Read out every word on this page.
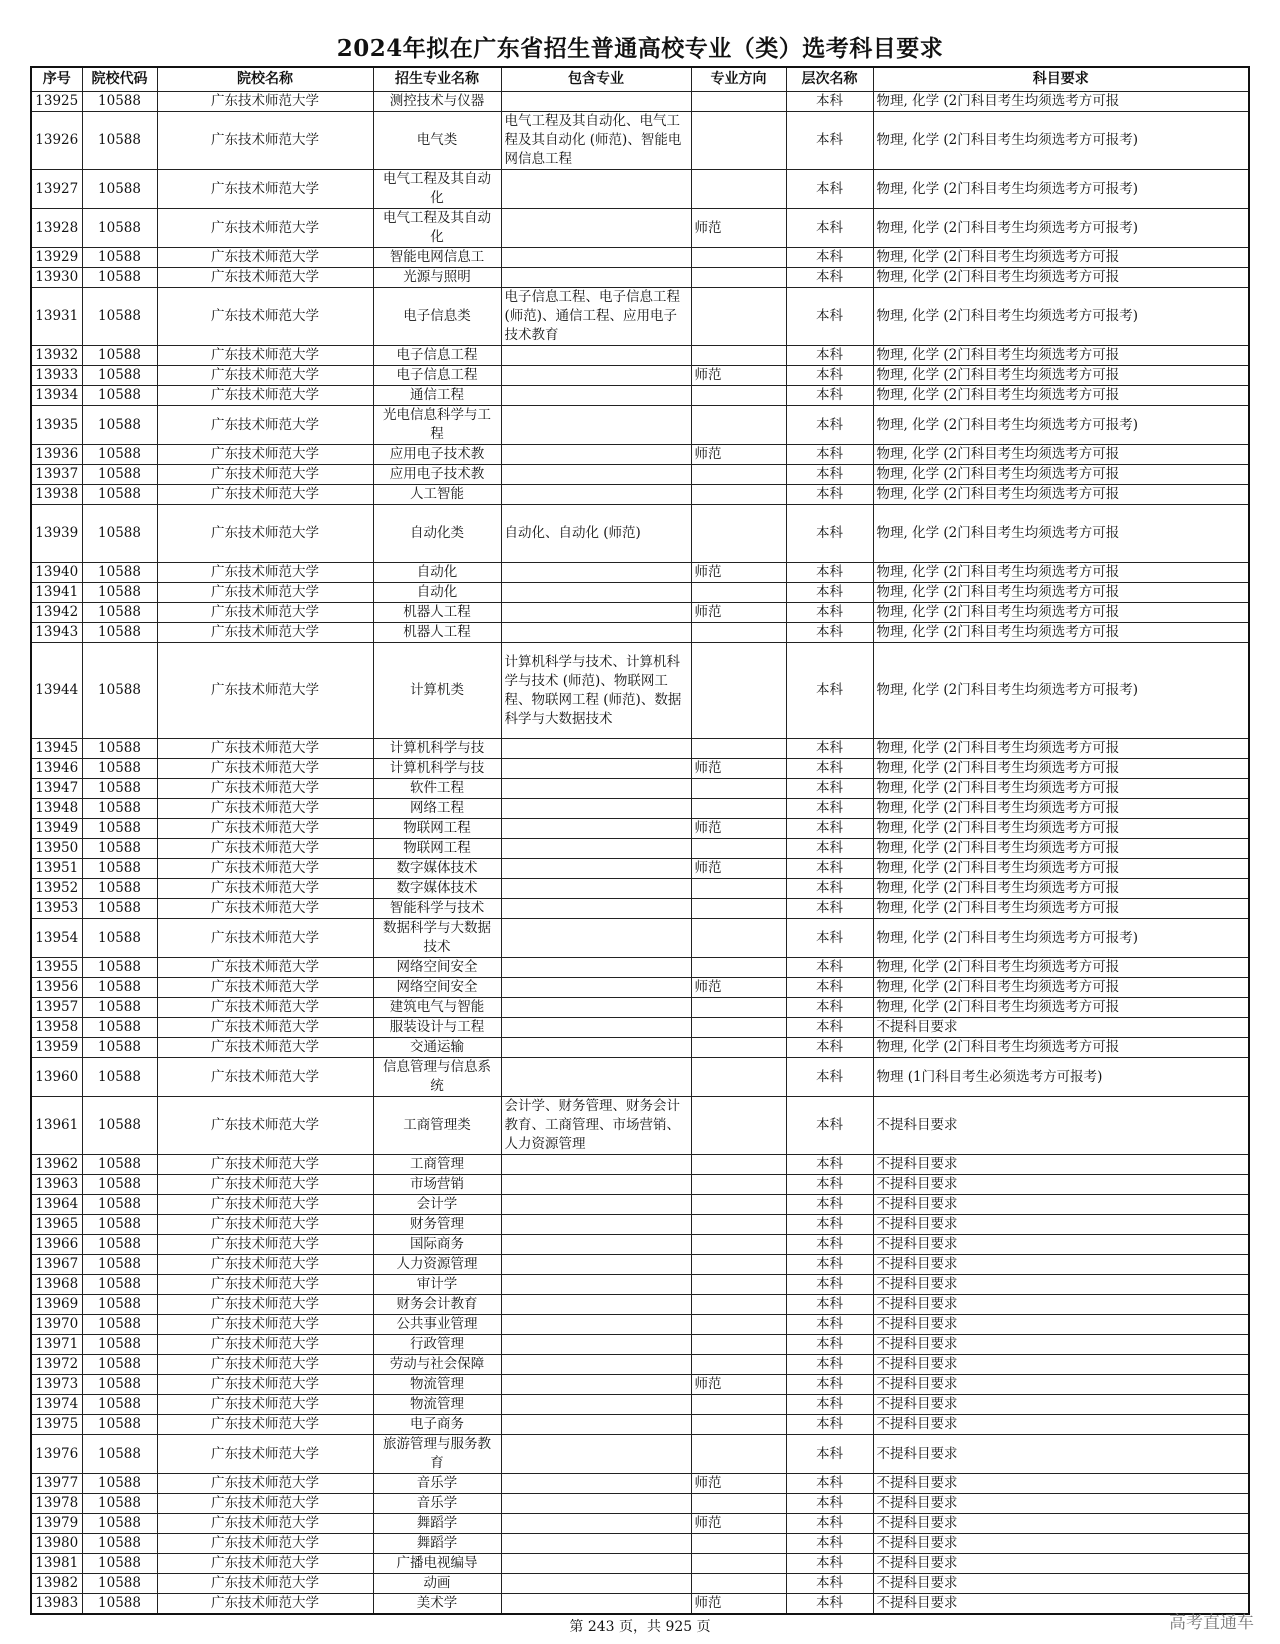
2024年拟在广东省招生普通高校专业（类）选考科目要求
序号	院校代码	院校名称	招生专业名称	包含专业	专业方向	层次名称	科目要求
13925	10588	广东技术师范大学	测控技术与仪器			本科	物理, 化学 (2门科目考生均须选考方可报
13926	10588	广东技术师范大学	电气类	电气工程及其自动化、电气工程及其自动化 (师范)、智能电网信息工程		本科	物理, 化学 (2门科目考生均须选考方可报考)
13927	10588	广东技术师范大学	电气工程及其自动化			本科	物理, 化学 (2门科目考生均须选考方可报考)
13928	10588	广东技术师范大学	电气工程及其自动化		师范	本科	物理, 化学 (2门科目考生均须选考方可报考)
13929	10588	广东技术师范大学	智能电网信息工			本科	物理, 化学 (2门科目考生均须选考方可报
13930	10588	广东技术师范大学	光源与照明			本科	物理, 化学 (2门科目考生均须选考方可报
13931	10588	广东技术师范大学	电子信息类	电子信息工程、电子信息工程 (师范)、通信工程、应用电子技术教育		本科	物理, 化学 (2门科目考生均须选考方可报考)
13932	10588	广东技术师范大学	电子信息工程			本科	物理, 化学 (2门科目考生均须选考方可报
13933	10588	广东技术师范大学	电子信息工程		师范	本科	物理, 化学 (2门科目考生均须选考方可报
13934	10588	广东技术师范大学	通信工程			本科	物理, 化学 (2门科目考生均须选考方可报
13935	10588	广东技术师范大学	光电信息科学与工程			本科	物理, 化学 (2门科目考生均须选考方可报考)
13936	10588	广东技术师范大学	应用电子技术教		师范	本科	物理, 化学 (2门科目考生均须选考方可报
13937	10588	广东技术师范大学	应用电子技术教			本科	物理, 化学 (2门科目考生均须选考方可报
13938	10588	广东技术师范大学	人工智能			本科	物理, 化学 (2门科目考生均须选考方可报
13939	10588	广东技术师范大学	自动化类	自动化、自动化 (师范)		本科	物理, 化学 (2门科目考生均须选考方可报
13940	10588	广东技术师范大学	自动化		师范	本科	物理, 化学 (2门科目考生均须选考方可报
13941	10588	广东技术师范大学	自动化			本科	物理, 化学 (2门科目考生均须选考方可报
13942	10588	广东技术师范大学	机器人工程		师范	本科	物理, 化学 (2门科目考生均须选考方可报
13943	10588	广东技术师范大学	机器人工程			本科	物理, 化学 (2门科目考生均须选考方可报
13944	10588	广东技术师范大学	计算机类	计算机科学与技术、计算机科学与技术 (师范)、物联网工程、物联网工程 (师范)、数据科学与大数据技术		本科	物理, 化学 (2门科目考生均须选考方可报考)
13945	10588	广东技术师范大学	计算机科学与技			本科	物理, 化学 (2门科目考生均须选考方可报
13946	10588	广东技术师范大学	计算机科学与技		师范	本科	物理, 化学 (2门科目考生均须选考方可报
13947	10588	广东技术师范大学	软件工程			本科	物理, 化学 (2门科目考生均须选考方可报
13948	10588	广东技术师范大学	网络工程			本科	物理, 化学 (2门科目考生均须选考方可报
13949	10588	广东技术师范大学	物联网工程		师范	本科	物理, 化学 (2门科目考生均须选考方可报
13950	10588	广东技术师范大学	物联网工程			本科	物理, 化学 (2门科目考生均须选考方可报
13951	10588	广东技术师范大学	数字媒体技术		师范	本科	物理, 化学 (2门科目考生均须选考方可报
13952	10588	广东技术师范大学	数字媒体技术			本科	物理, 化学 (2门科目考生均须选考方可报
13953	10588	广东技术师范大学	智能科学与技术			本科	物理, 化学 (2门科目考生均须选考方可报
13954	10588	广东技术师范大学	数据科学与大数据技术			本科	物理, 化学 (2门科目考生均须选考方可报考)
13955	10588	广东技术师范大学	网络空间安全			本科	物理, 化学 (2门科目考生均须选考方可报
13956	10588	广东技术师范大学	网络空间安全		师范	本科	物理, 化学 (2门科目考生均须选考方可报
13957	10588	广东技术师范大学	建筑电气与智能			本科	物理, 化学 (2门科目考生均须选考方可报
13958	10588	广东技术师范大学	服装设计与工程			本科	不提科目要求
13959	10588	广东技术师范大学	交通运输			本科	物理, 化学 (2门科目考生均须选考方可报
13960	10588	广东技术师范大学	信息管理与信息系统			本科	物理 (1门科目考生必须选考方可报考)
13961	10588	广东技术师范大学	工商管理类	会计学、财务管理、财务会计教育、工商管理、市场营销、人力资源管理		本科	不提科目要求
13962	10588	广东技术师范大学	工商管理			本科	不提科目要求
13963	10588	广东技术师范大学	市场营销			本科	不提科目要求
13964	10588	广东技术师范大学	会计学			本科	不提科目要求
13965	10588	广东技术师范大学	财务管理			本科	不提科目要求
13966	10588	广东技术师范大学	国际商务			本科	不提科目要求
13967	10588	广东技术师范大学	人力资源管理			本科	不提科目要求
13968	10588	广东技术师范大学	审计学			本科	不提科目要求
13969	10588	广东技术师范大学	财务会计教育			本科	不提科目要求
13970	10588	广东技术师范大学	公共事业管理			本科	不提科目要求
13971	10588	广东技术师范大学	行政管理			本科	不提科目要求
13972	10588	广东技术师范大学	劳动与社会保障			本科	不提科目要求
13973	10588	广东技术师范大学	物流管理		师范	本科	不提科目要求
13974	10588	广东技术师范大学	物流管理			本科	不提科目要求
13975	10588	广东技术师范大学	电子商务			本科	不提科目要求
13976	10588	广东技术师范大学	旅游管理与服务教育			本科	不提科目要求
13977	10588	广东技术师范大学	音乐学		师范	本科	不提科目要求
13978	10588	广东技术师范大学	音乐学			本科	不提科目要求
13979	10588	广东技术师范大学	舞蹈学		师范	本科	不提科目要求
13980	10588	广东技术师范大学	舞蹈学			本科	不提科目要求
13981	10588	广东技术师范大学	广播电视编导			本科	不提科目要求
13982	10588	广东技术师范大学	动画			本科	不提科目要求
13983	10588	广东技术师范大学	美术学		师范	本科	不提科目要求
第 243 页，共 925 页	高考直通车
